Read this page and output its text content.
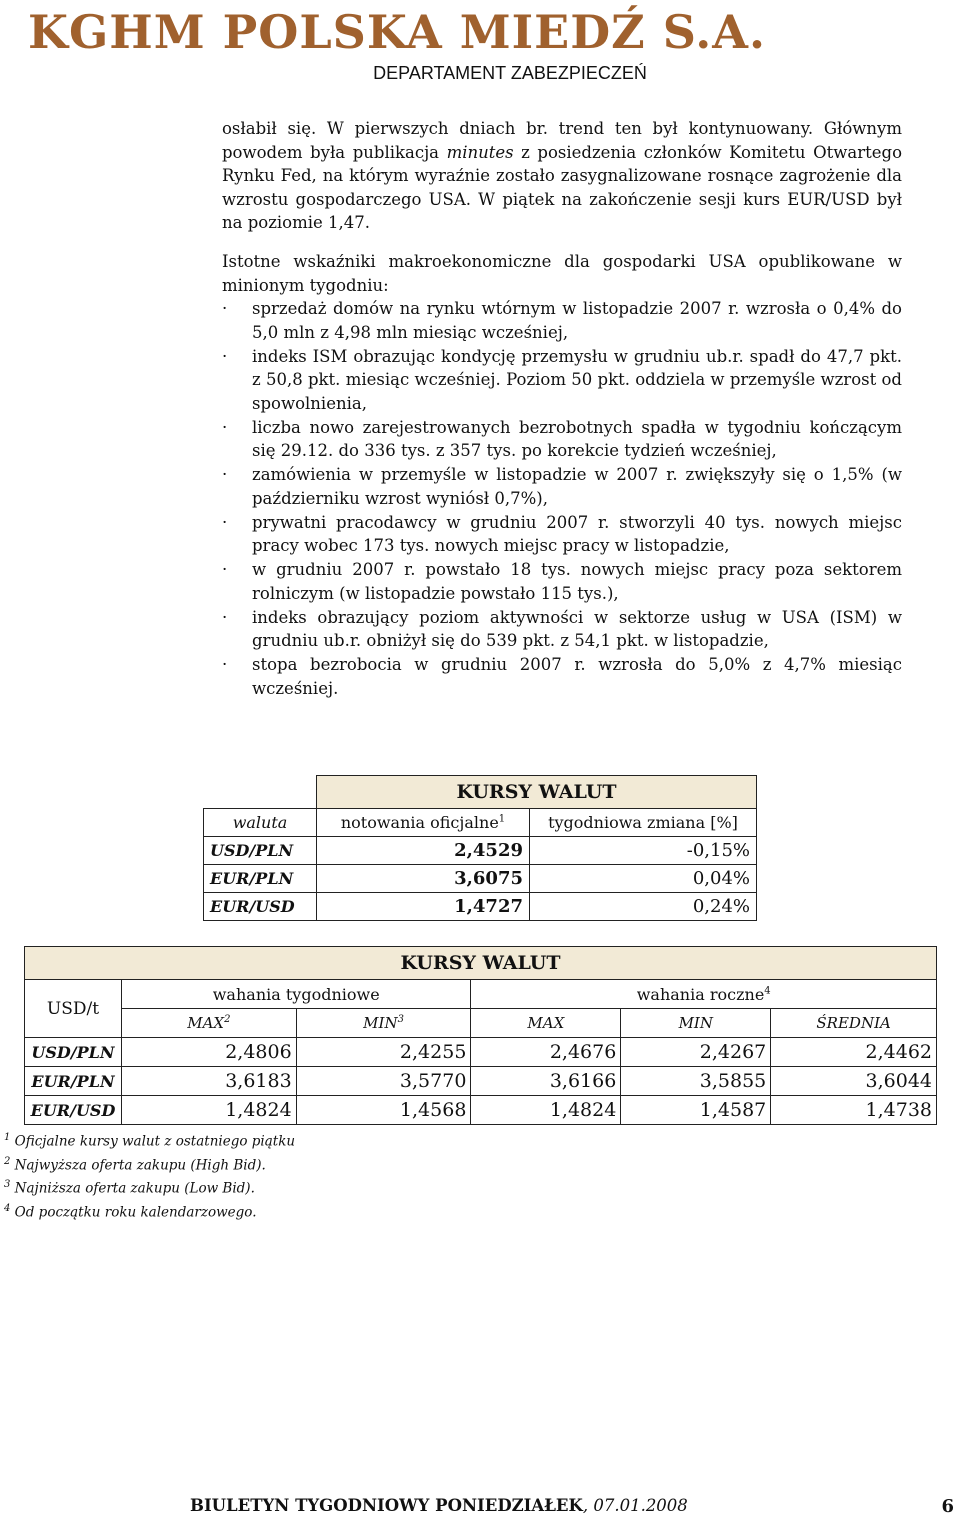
KGHM POLSKA MIEDŹ S.A.
DEPARTAMENT ZABEZPIECZEŃ

osłabił się. W pierwszych dniach br. trend ten był kontynuowany. Głównym powodem była publikacja minutes z posiedzenia członków Komitetu Otwartego Rynku Fed, na którym wyraźnie zostało zasygnalizowane rosnące zagrożenie dla wzrostu gospodarczego USA. W piątek na zakończenie sesji kurs EUR/USD był na poziomie 1,47.

Istotne wskaźniki makroekonomiczne dla gospodarki USA opublikowane w minionym tygodniu:

· sprzedaż domów na rynku wtórnym w listopadzie 2007 r. wzrosła o 0,4% do 5,0 mln z 4,98 mln miesiąc wcześniej,
· indeks ISM obrazując kondycję przemysłu w grudniu ub.r. spadł do 47,7 pkt. z 50,8 pkt. miesiąc wcześniej. Poziom 50 pkt. oddziela w przemyśle wzrost od spowolnienia,
· liczba nowo zarejestrowanych bezrobotnych spadła w tygodniu kończącym się 29.12. do 336 tys. z 357 tys. po korekcie tydzień wcześniej,
· zamówienia w przemyśle w listopadzie w 2007 r. zwiększyły się o 1,5% (w październiku wzrost wyniósł 0,7%),
· prywatni pracodawcy w grudniu 2007 r. stworzyli 40 tys. nowych miejsc pracy wobec 173 tys. nowych miejsc pracy w listopadzie,
· w grudniu 2007 r. powstało 18 tys. nowych miejsc pracy poza sektorem rolniczym (w listopadzie powstało 115 tys.),
· indeks obrazujący poziom aktywności w sektorze usług w USA (ISM) w grudniu ub.r. obniżył się do 539 pkt. z 54,1 pkt. w listopadzie,
· stopa bezrobocia w grudniu 2007 r. wzrosła do 5,0% z 4,7% miesiąc wcześniej.
	KURSY WALUT	
waluta	notowania oficjalne$^1$	tygodniowa zmiana [%]
USD/PLN	2,4529	-0,15%
EUR/PLN	3,6075	0,04%
EUR/USD	1,4727	0,24%
KURSY WALUT					
USD/t	wahania tygodniowe		wahania roczne$^4$
	MAX$^2$	MIN$^3$	MAX	MIN	ŚREDNIA
USD/PLN	2,4806	2,4255	2,4676	2,4267	2,4462
EUR/PLN	3,6183	3,5770	3,6166	3,5855	3,6044
EUR/USD	1,4824	1,4568	1,4824	1,4587	1,4738
$^1$ Oficjalne kursy walut z ostatniego piątku
$^2$ Najwyższa oferta zakupu (High Bid).
$^3$ Najniższa oferta zakupu (Low Bid).
$^4$ Od początku roku kalendarzowego.
BIULETYN TYGODNIOWY PONIEDZIAŁEK, 07.01.2008	6
